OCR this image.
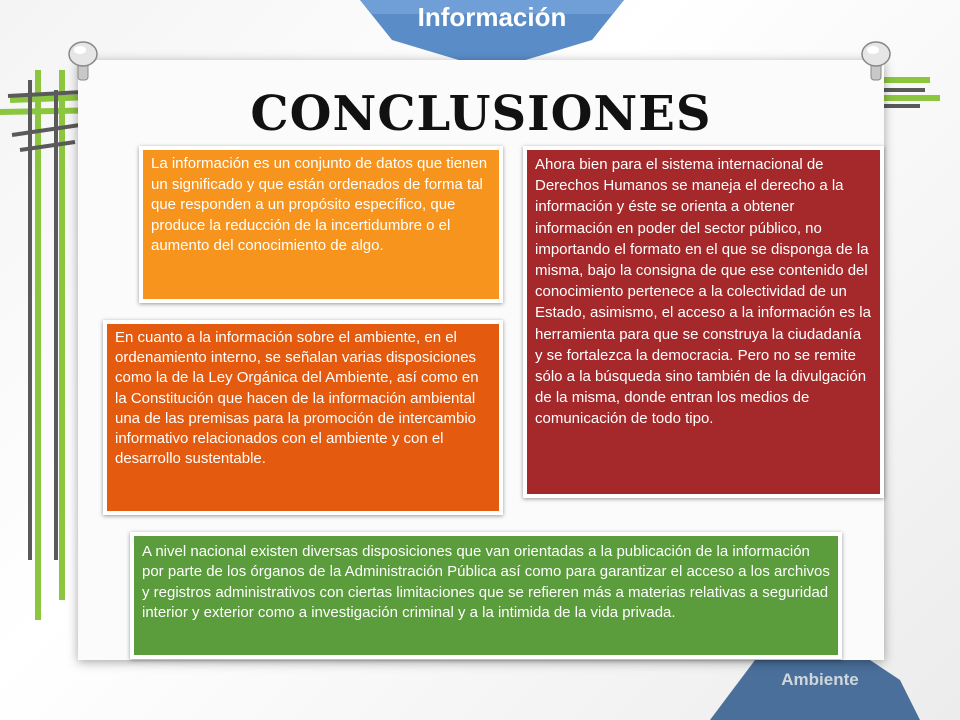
Información
Ambiente
CONCLUSIONES
La información es un conjunto de datos que tienen un significado y que están ordenados de forma tal que responden a un propósito específico, que produce la reducción de la incertidumbre o el aumento del conocimiento de algo.
Ahora bien para el sistema internacional de Derechos Humanos se maneja el derecho a la información y éste se orienta a obtener información en poder del sector público, no importando el formato en el que se disponga de la misma, bajo la consigna de que ese contenido del conocimiento pertenece a la colectividad de un Estado, asimismo, el acceso a la información es la herramienta para que se construya la ciudadanía y se fortalezca la democracia. Pero no se remite sólo a la búsqueda sino también de la divulgación de la misma, donde entran los medios de comunicación de todo tipo.
En cuanto a la información sobre el ambiente, en el ordenamiento interno, se señalan varias disposiciones como la de la Ley Orgánica del Ambiente, así como en la Constitución que hacen de la información ambiental una de las premisas para la promoción de intercambio informativo relacionados con el ambiente y con el desarrollo sustentable.
A nivel nacional existen diversas disposiciones que van orientadas a la publicación de la información por parte de los órganos de la Administración Pública así como para garantizar el acceso a los archivos y registros administrativos con ciertas limitaciones que se refieren más a materias relativas a seguridad interior y exterior como a investigación criminal y a la intimida de la vida privada.
